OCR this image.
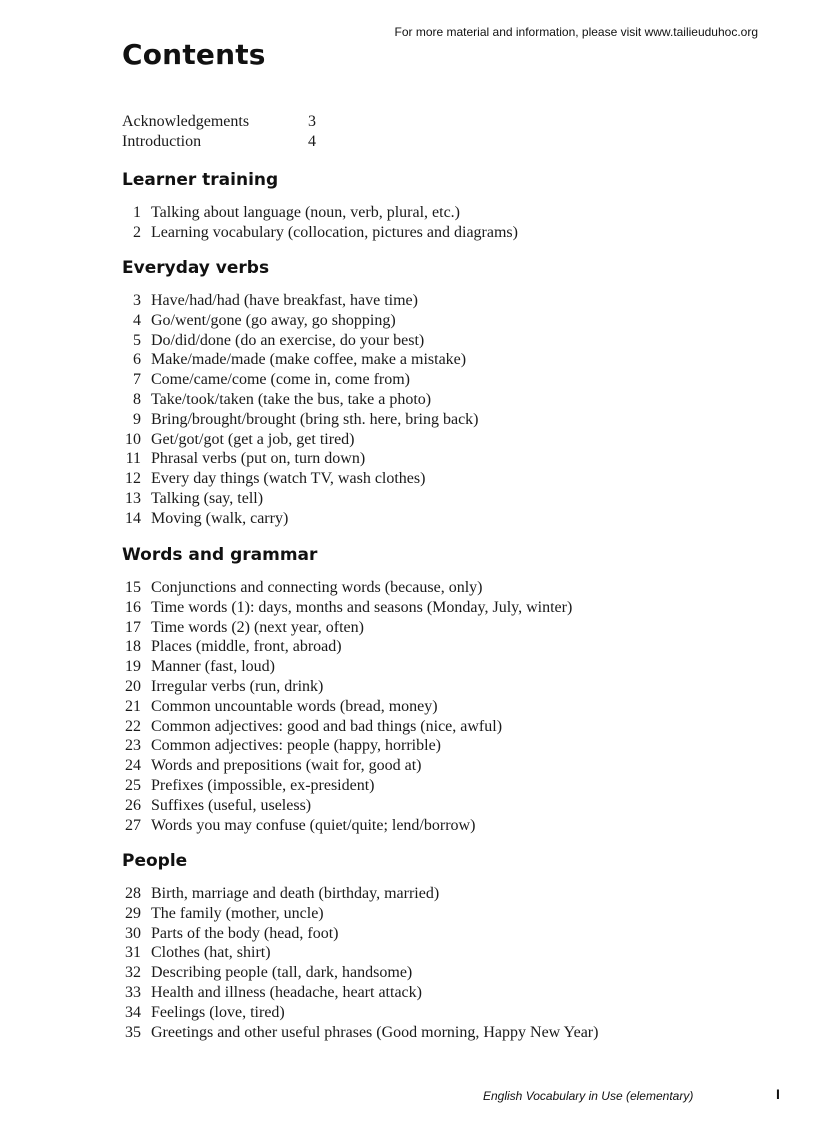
For more material and information, please visit www.tailieuduhoc.org
Contents
Acknowledgements	3
Introduction	4
Learner training
1 Talking about language (noun, verb, plural, etc.)
2 Learning vocabulary (collocation, pictures and diagrams)
Everyday verbs
3 Have/had/had (have breakfast, have time)
4 Go/went/gone (go away, go shopping)
5 Do/did/done (do an exercise, do your best)
6 Make/made/made (make coffee, make a mistake)
7 Come/came/come (come in, come from)
8 Take/took/taken (take the bus, take a photo)
9 Bring/brought/brought (bring sth. here, bring back)
10 Get/got/got (get a job, get tired)
11 Phrasal verbs (put on, turn down)
12 Every day things (watch TV, wash clothes)
13 Talking (say, tell)
14 Moving (walk, carry)
Words and grammar
15 Conjunctions and connecting words (because, only)
16 Time words (1): days, months and seasons (Monday, July, winter)
17 Time words (2) (next year, often)
18 Places (middle, front, abroad)
19 Manner (fast, loud)
20 Irregular verbs (run, drink)
21 Common uncountable words (bread, money)
22 Common adjectives: good and bad things (nice, awful)
23 Common adjectives: people (happy, horrible)
24 Words and prepositions (wait for, good at)
25 Prefixes (impossible, ex-president)
26 Suffixes (useful, useless)
27 Words you may confuse (quiet/quite; lend/borrow)
People
28 Birth, marriage and death (birthday, married)
29 The family (mother, uncle)
30 Parts of the body (head, foot)
31 Clothes (hat, shirt)
32 Describing people (tall, dark, handsome)
33 Health and illness (headache, heart attack)
34 Feelings (love, tired)
35 Greetings and other useful phrases (Good morning, Happy New Year)
English Vocabulary in Use (elementary)	I
